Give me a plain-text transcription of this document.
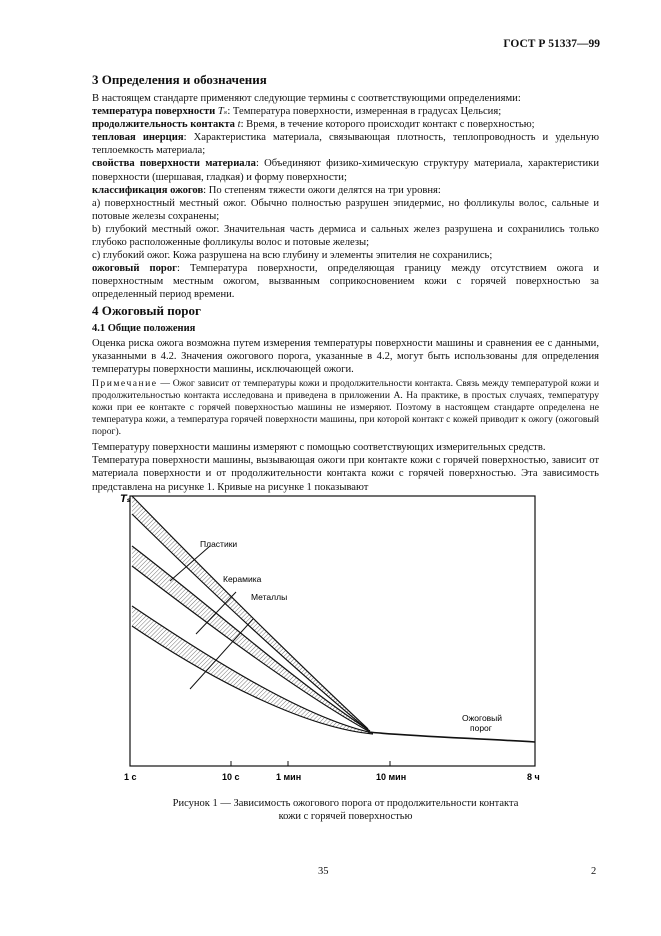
ГОСТ Р 51337—99
3 Определения и обозначения

В настоящем стандарте применяют следующие термины с соответствующими определениями:

температура поверхности Tₛ: Температура поверхности, измеренная в градусах Цельсия;

продолжительность контакта t: Время, в течение которого происходит контакт с поверхностью;

тепловая инерция: Характеристика материала, связывающая плотность, теплопроводность и удельную теплоемкость материала;

свойства поверхности материала: Объединяют физико-химическую структуру материала, характеристики поверхности (шершавая, гладкая) и форму поверхности;

классификация ожогов: По степеням тяжести ожоги делятся на три уровня:

а) поверхностный местный ожог. Обычно полностью разрушен эпидермис, но фолликулы волос, сальные и потовые железы сохранены;

b) глубокий местный ожог. Значительная часть дермиса и сальных желез разрушена и сохранились только глубоко расположенные фолликулы волос и потовые железы;

с) глубокий ожог. Кожа разрушена на всю глубину и элементы эпителия не сохранились;

ожоговый порог: Температура поверхности, определяющая границу между отсутствием ожога и поверхностным местным ожогом, вызванным соприкосновением кожи с горячей поверхностью за определенный период времени.

4 Ожоговый порог
4.1 Общие положения

Оценка риска ожога возможна путем измерения температуры поверхности машины и сравнения ее с данными, указанными в 4.2. Значения ожогового порога, указанные в 4.2, могут быть использованы для определения температуры поверхности машины, исключающей ожоги.

Примечание — Ожог зависит от температуры кожи и продолжительности контакта. Связь между температурой кожи и продолжительностью контакта исследована и приведена в приложении А. На практике, в простых случаях, температуру кожи при ее контакте с горячей поверхностью машины не измеряют. Поэтому в настоящем стандарте определена не температура кожи, а температура горячей поверхности машины, при которой контакт с кожей приводит к ожогу (ожоговый порог).

Температуру поверхности машины измеряют с помощью соответствующих измерительных средств.

Температура поверхности машины, вызывающая ожоги при контакте кожи с горячей поверхностью, зависит от материала поверхности и от продолжительности контакта кожи с горячей поверхностью. Эта зависимость представлена на рисунке 1. Кривые на рисунке 1 показывают

Tₛ
Пластики
Керамика
Металлы
Ожоговый
порог
1 с	10 с	1 мин	10 мин	8 ч
Рисунок 1 — Зависимость ожогового порога от продолжительности контакта
кожи с горячей поверхностью
35	2
